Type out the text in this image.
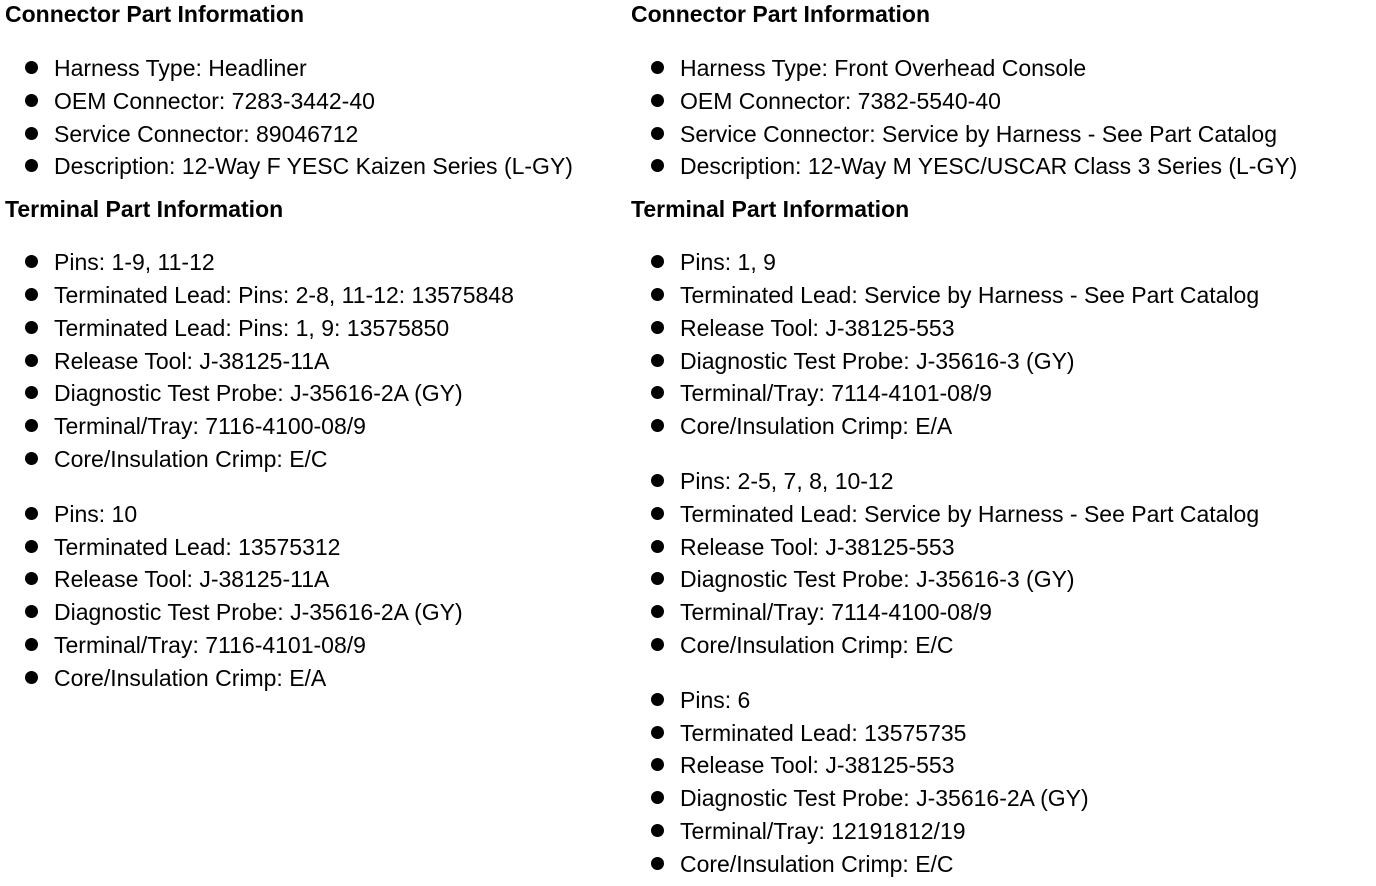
Connector Part Information
Harness Type: Headliner
OEM Connector: 7283-3442-40
Service Connector: 89046712
Description: 12-Way F YESC Kaizen Series (L-GY)
Terminal Part Information
Pins: 1-9, 11-12
Terminated Lead: Pins: 2-8, 11-12: 13575848
Terminated Lead: Pins: 1, 9: 13575850
Release Tool: J-38125-11A
Diagnostic Test Probe: J-35616-2A (GY)
Terminal/Tray: 7116-4100-08/9
Core/Insulation Crimp: E/C
Pins: 10
Terminated Lead: 13575312
Release Tool: J-38125-11A
Diagnostic Test Probe: J-35616-2A (GY)
Terminal/Tray: 7116-4101-08/9
Core/Insulation Crimp: E/A
Connector Part Information
Harness Type: Front Overhead Console
OEM Connector: 7382-5540-40
Service Connector: Service by Harness - See Part Catalog
Description: 12-Way M YESC/USCAR Class 3 Series (L-GY)
Terminal Part Information
Pins: 1, 9
Terminated Lead: Service by Harness - See Part Catalog
Release Tool: J-38125-553
Diagnostic Test Probe: J-35616-3 (GY)
Terminal/Tray: 7114-4101-08/9
Core/Insulation Crimp: E/A
Pins: 2-5, 7, 8, 10-12
Terminated Lead: Service by Harness - See Part Catalog
Release Tool: J-38125-553
Diagnostic Test Probe: J-35616-3 (GY)
Terminal/Tray: 7114-4100-08/9
Core/Insulation Crimp: E/C
Pins: 6
Terminated Lead: 13575735
Release Tool: J-38125-553
Diagnostic Test Probe: J-35616-2A (GY)
Terminal/Tray: 12191812/19
Core/Insulation Crimp: E/C
